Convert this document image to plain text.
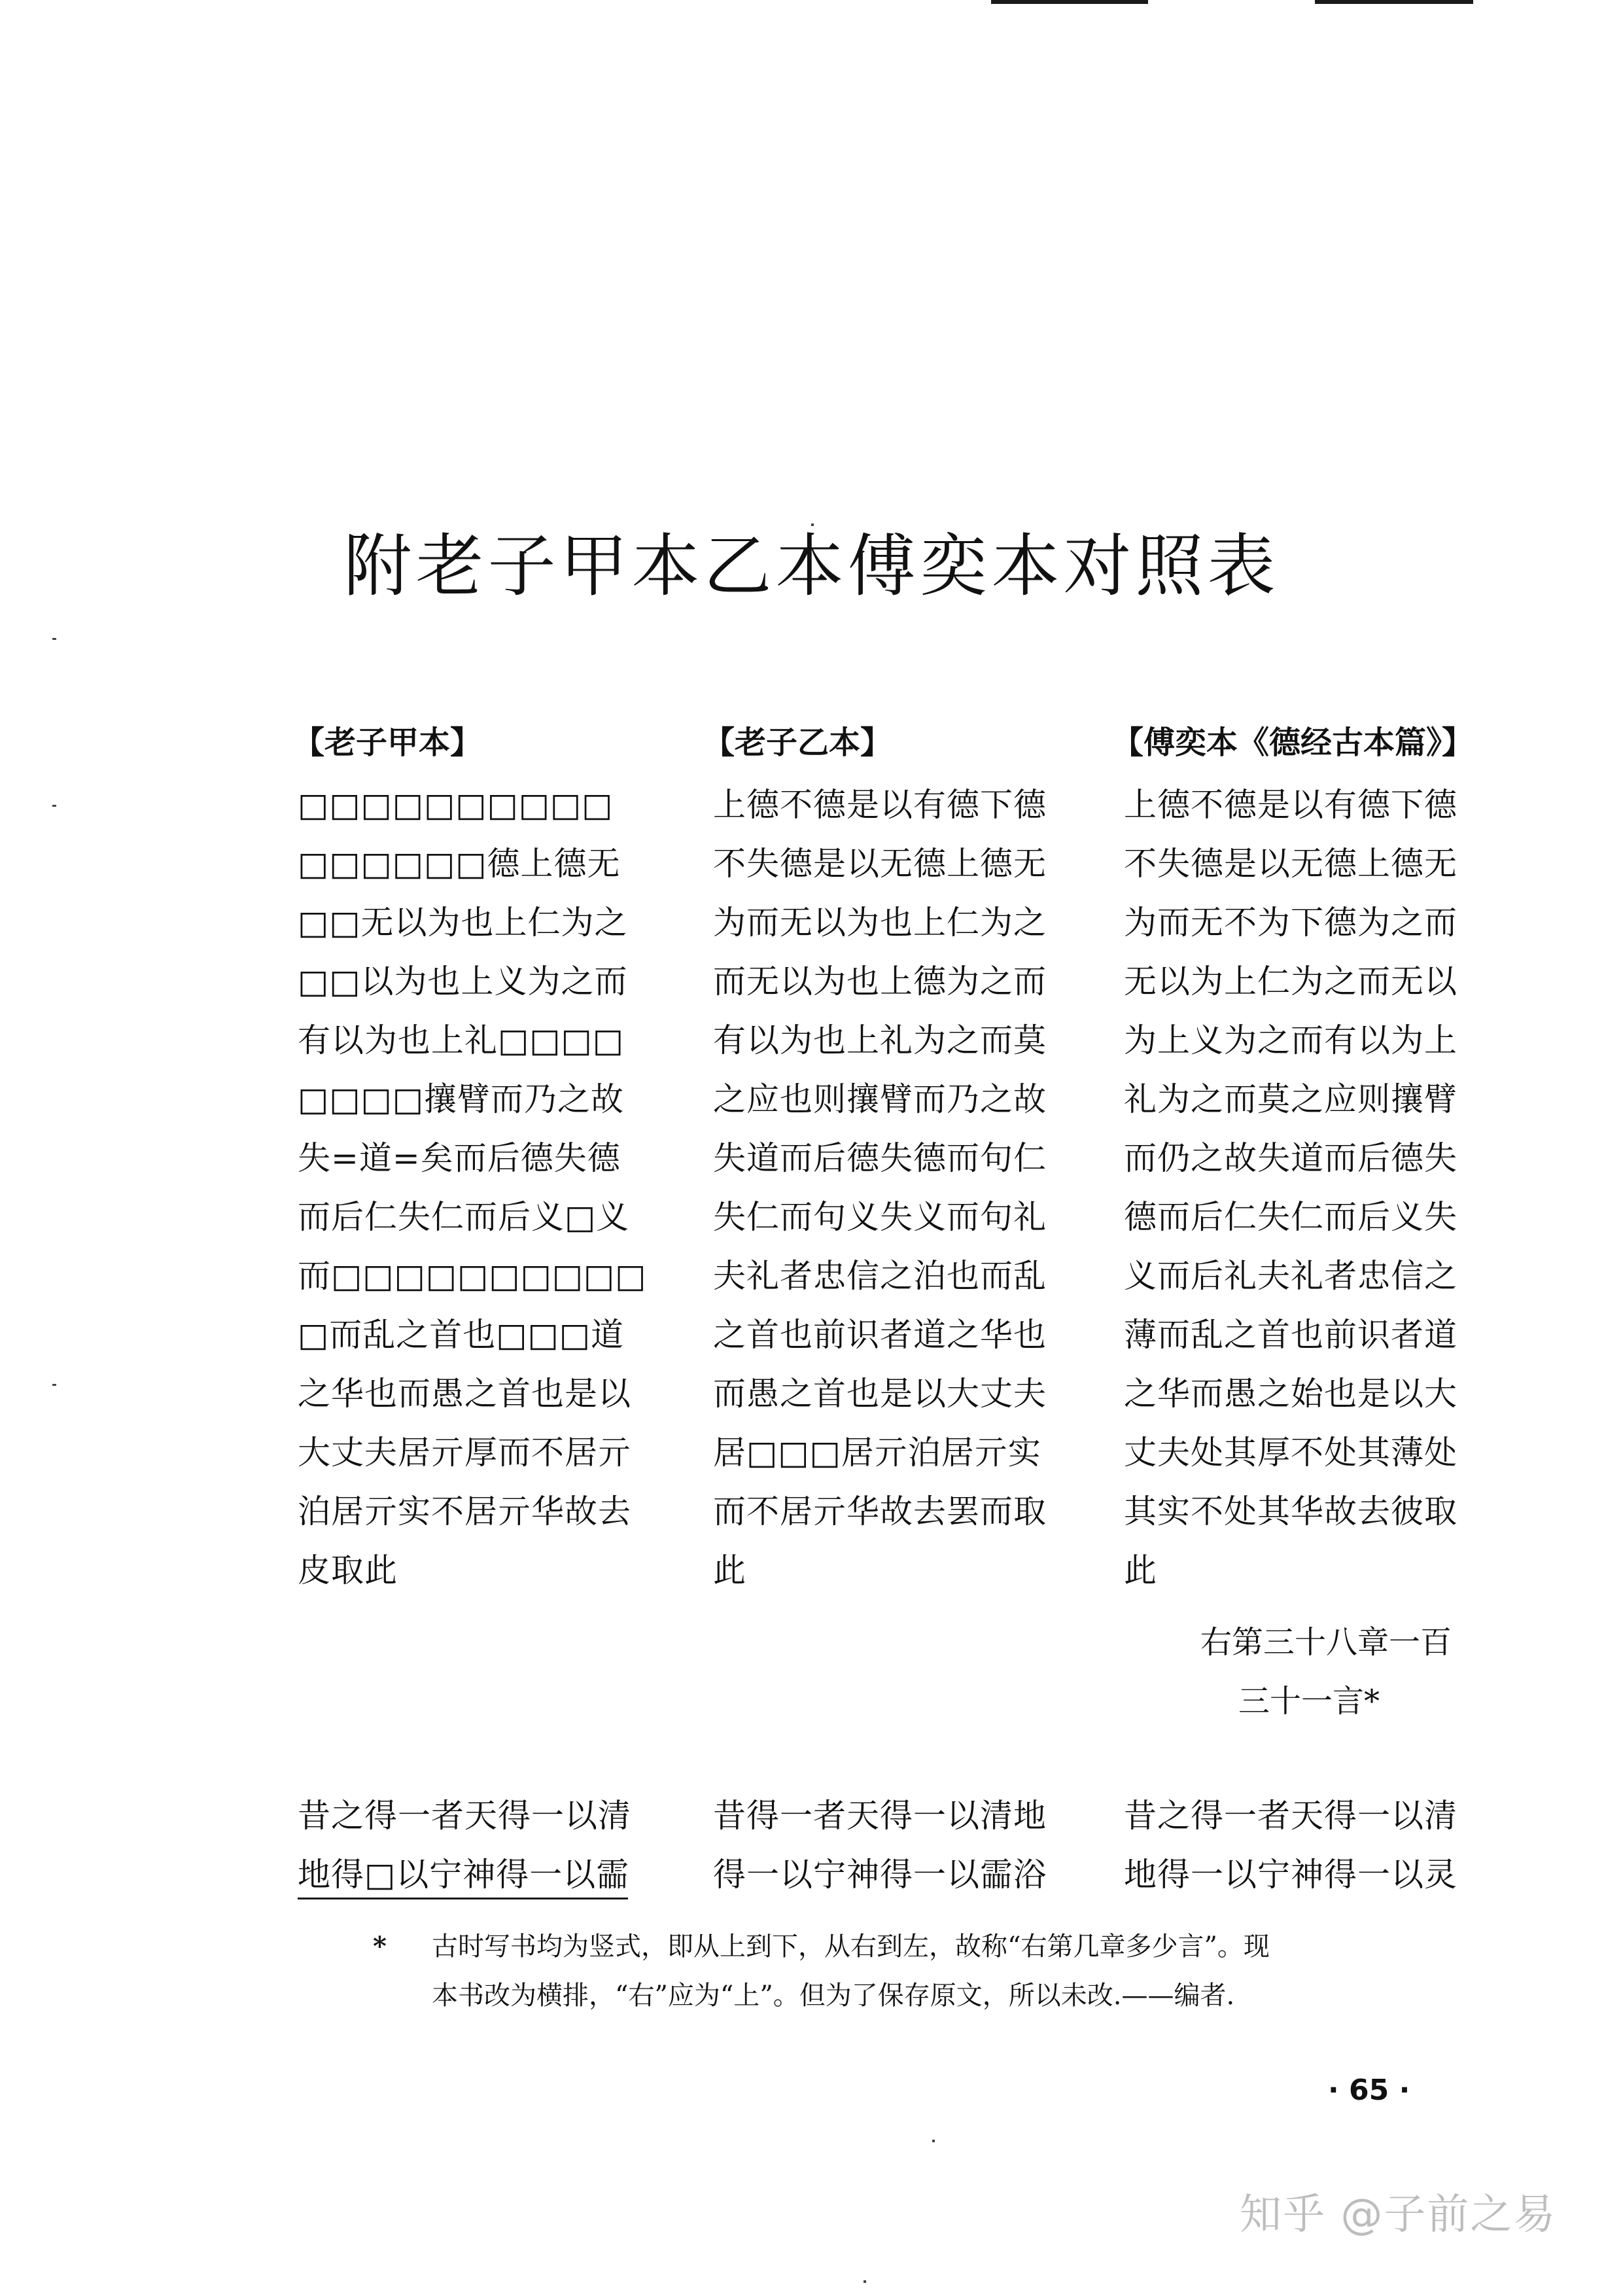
附老子甲本乙本傅奕本对照表
【老子甲本】	【老子乙本】	【傅奕本《德经古本篇》】
□□□□□□□□□□
□□□□□□德上德无
□□无以为也上仁为之
□□以为也上义为之而
有以为也上礼□□□□
□□□□攘臂而乃之故
失=道=矣而后德失德
而后仁失仁而后义□义
而□□□□□□□□□□
□而乱之首也□□□道
之华也而愚之首也是以
大丈夫居亓厚而不居亓
泊居亓实不居亓华故去
皮取此
上德不德是以有德下德
不失德是以无德上德无
为而无以为也上仁为之
而无以为也上德为之而
有以为也上礼为之而莫
之应也则攘臂而乃之故
失道而后德失德而句仁
失仁而句义失义而句礼
夫礼者忠信之泊也而乱
之首也前识者道之华也
而愚之首也是以大丈夫
居□□□居亓泊居亓实
而不居亓华故去罢而取
此
上德不德是以有德下德
不失德是以无德上德无
为而无不为下德为之而
无以为上仁为之而无以
为上义为之而有以为上
礼为之而莫之应则攘臂
而仍之故失道而后德失
德而后仁失仁而后义失
义而后礼夫礼者忠信之
薄而乱之首也前识者道
之华而愚之始也是以大
丈夫处其厚不处其薄处
其实不处其华故去彼取
此
右第三十八章一百
三十一言*
昔之得一者天得一以清
地得□以宁神得一以霝
昔得一者天得一以清地
得一以宁神得一以霝浴
昔之得一者天得一以清
地得一以宁神得一以灵
* 古时写书均为竖式，即从上到下，从右到左，故称“右第几章多少言”。现
本书改为横排，“右”应为“上”。但为了保存原文，所以未改.——编者.
· 65 ·
知乎 @子前之易
